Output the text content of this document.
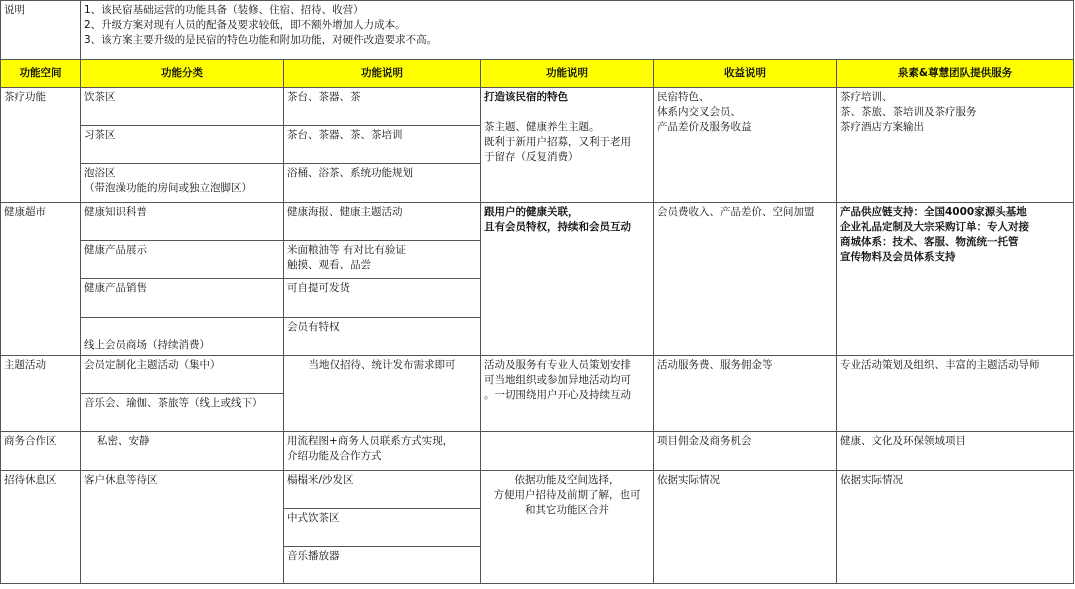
说明	1、该民宿基础运营的功能具备（装修、住宿、招待、收营）
2、升级方案对现有人员的配备及要求较低，即不额外增加人力成本。
3、该方案主要升级的是民宿的特色功能和附加功能，对硬件改造要求不高。				

功能空间	功能分类	功能说明	功能说明	收益说明	泉素&尊慧团队提供服务
茶疗功能	饮茶区	茶台、茶器、茶	打造该民宿的特色
茶主题、健康养生主题。
既利于新用户招募，又利于老用
于留存（反复消费）	民宿特色、
体系内交叉会员、
产品差价及服务收益	茶疗培训、
茶、茶旅、茶培训及茶疗服务
茶疗酒店方案输出

	习茶区	茶台、茶器、茶、茶培训			

	泡浴区
（带泡澡功能的房间或独立泡脚区）	浴桶、浴茶、系统功能规划			
健康超市	健康知识科普	健康海报、健康主题活动	跟用户的健康关联，
且有会员特权，持续和会员互动	会员费收入、产品差价、空间加盟	产品供应链支持：全国4000家源头基地
企业礼品定制及大宗采购订单：专人对接
商城体系：技术、客服、物流统一托管
宣传物料及会员体系支持

	健康产品展示	米面粮油等 有对比有验证
触摸、观看、品尝			

	健康产品销售	可自提可发货			
	线上会员商场（持续消费）	会员有特权			
主题活动	会员定制化主题活动（集中）	当地仅招待、统计发布需求即可	活动及服务有专业人员策划安排
可当地组织或参加异地活动均可
。一切围绕用户开心及持续互动	活动服务费、服务佣金等	专业活动策划及组织、丰富的主题活动导师
	音乐会、瑜伽、茶旅等（线上或线下）				
商务合作区	私密、安静	用流程图+商务人员联系方式实现，
介绍功能及合作方式		项目佣金及商务机会	健康、文化及环保领域项目
招待休息区	客户休息等待区	榻榻米/沙发区	依据功能及空间选择，
方便用户招待及前期了解，也可
和其它功能区合并	依据实际情况	依据实际情况
		中式饮茶区			
		音乐播放器			
